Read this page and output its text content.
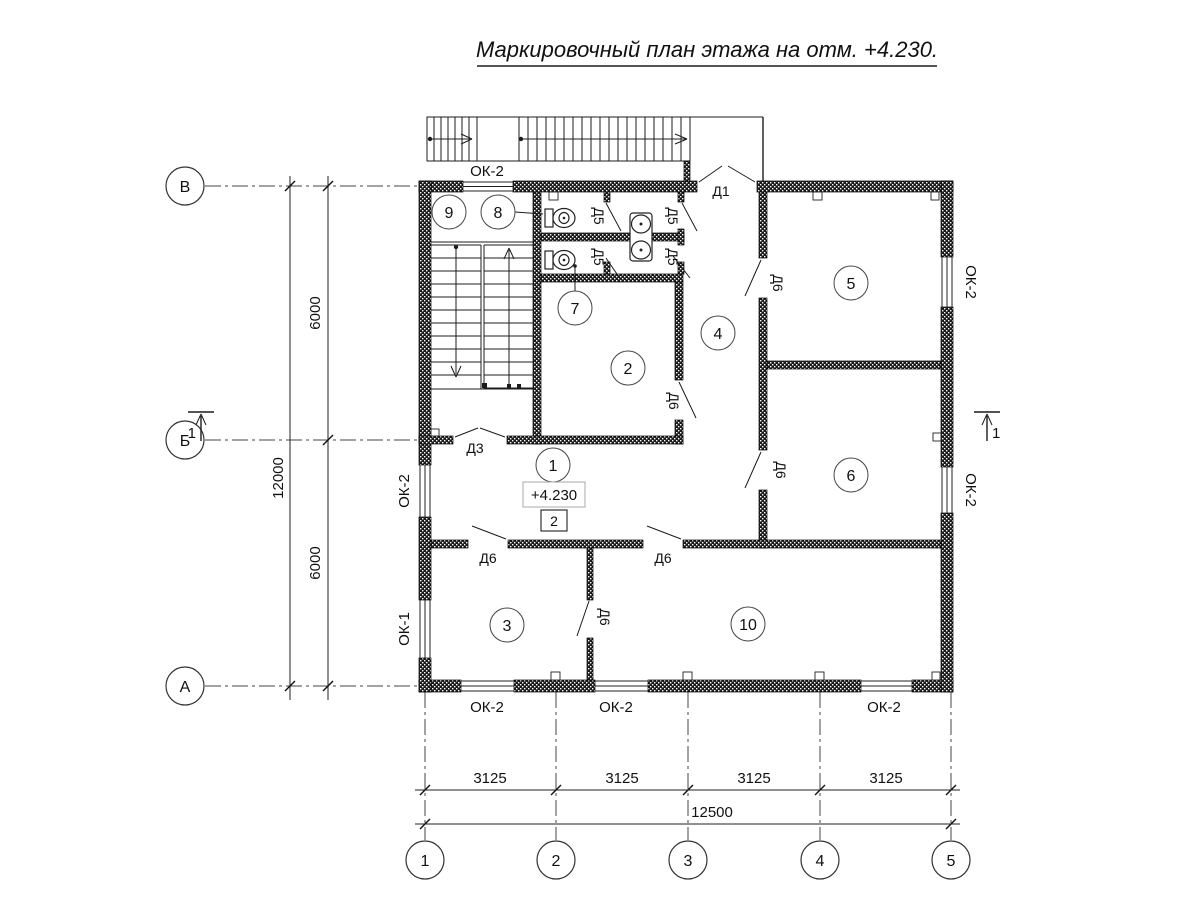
Маркировочный план этажа на отм. +4.230.
6000
6000
12000
3125	3125	3125	3125
12500
В
Б
А
1	2	3	4	5
1	1
ОК-2
ОК-2	ОК-2	ОК-2
ОК-2
ОК-1
ОК-2
ОК-2
Д1
Д3
Д5	Д5
Д5	Д5
Д6
Д6
Д6
Д6	Д6
Д6
1
2
3
4
5
6
7
8
9
10
+4.230
2
